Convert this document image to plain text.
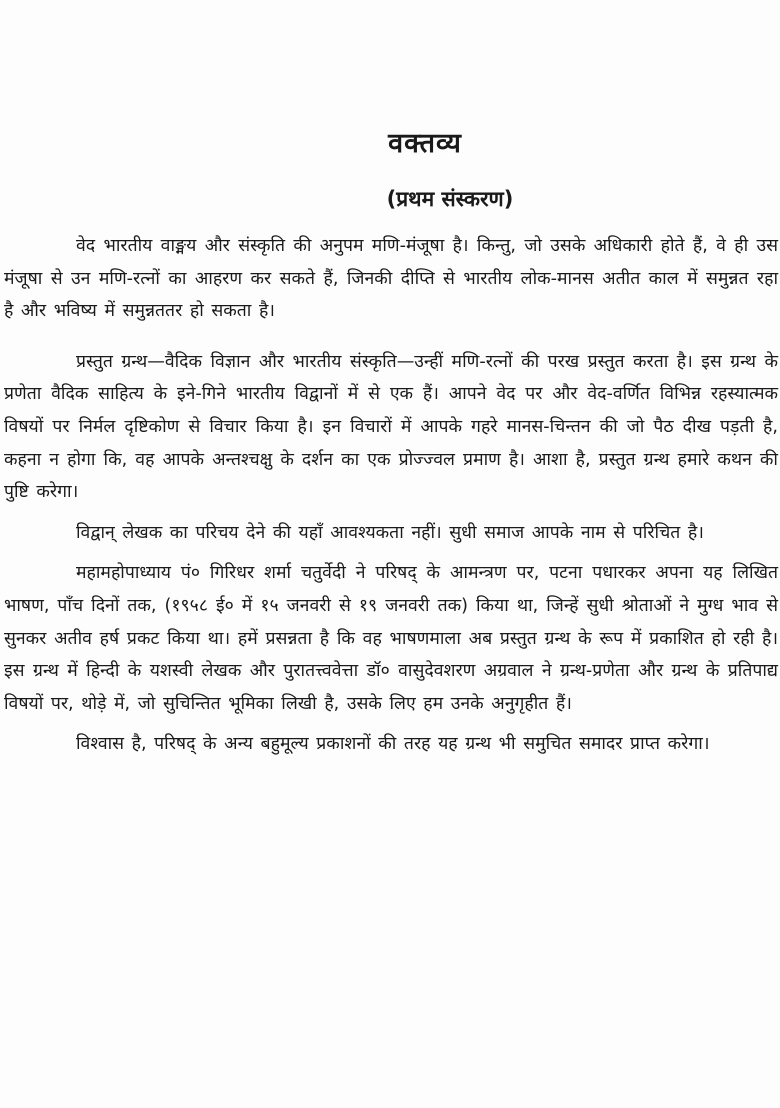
वक्तव्य
(प्रथम संस्करण)

वेद भारतीय वाङ्मय और संस्कृति की अनुपम मणि-मंजूषा है। किन्तु, जो उसके अधिकारी होते हैं, वे ही उस मंजूषा से उन मणि-रत्नों का आहरण कर सकते हैं, जिनकी दीप्ति से भारतीय लोक-मानस अतीत काल में समुन्नत रहा है और भविष्य में समुन्नततर हो सकता है।

प्रस्तुत ग्रन्थ—वैदिक विज्ञान और भारतीय संस्कृति—उन्हीं मणि-रत्नों की परख प्रस्तुत करता है। इस ग्रन्थ के प्रणेता वैदिक साहित्य के इने-गिने भारतीय विद्वानों में से एक हैं। आपने वेद पर और वेद-वर्णित विभिन्न रहस्यात्मक विषयों पर निर्मल दृष्टिकोण से विचार किया है। इन विचारों में आपके गहरे मानस-चिन्तन की जो पैठ दीख पड़ती है, कहना न होगा कि, वह आपके अन्तश्चक्षु के दर्शन का एक प्रोज्ज्वल प्रमाण है। आशा है, प्रस्तुत ग्रन्थ हमारे कथन की पुष्टि करेगा।

विद्वान् लेखक का परिचय देने की यहाँ आवश्यकता नहीं। सुधी समाज आपके नाम से परिचित है।

महामहोपाध्याय पं० गिरिधर शर्मा चतुर्वेदी ने परिषद् के आमन्त्रण पर, पटना पधारकर अपना यह लिखित भाषण, पाँच दिनों तक, (१९५८ ई० में १५ जनवरी से १९ जनवरी तक) किया था, जिन्हें सुधी श्रोताओं ने मुग्ध भाव से सुनकर अतीव हर्ष प्रकट किया था। हमें प्रसन्नता है कि वह भाषणमाला अब प्रस्तुत ग्रन्थ के रूप में प्रकाशित हो रही है। इस ग्रन्थ में हिन्दी के यशस्वी लेखक और पुरातत्त्ववेत्ता डॉ० वासुदेवशरण अग्रवाल ने ग्रन्थ-प्रणेता और ग्रन्थ के प्रतिपाद्य विषयों पर, थोड़े में, जो सुचिन्तित भूमिका लिखी है, उसके लिए हम उनके अनुगृहीत हैं।

विश्वास है, परिषद् के अन्य बहुमूल्य प्रकाशनों की तरह यह ग्रन्थ भी समुचित समादर प्राप्त करेगा।
